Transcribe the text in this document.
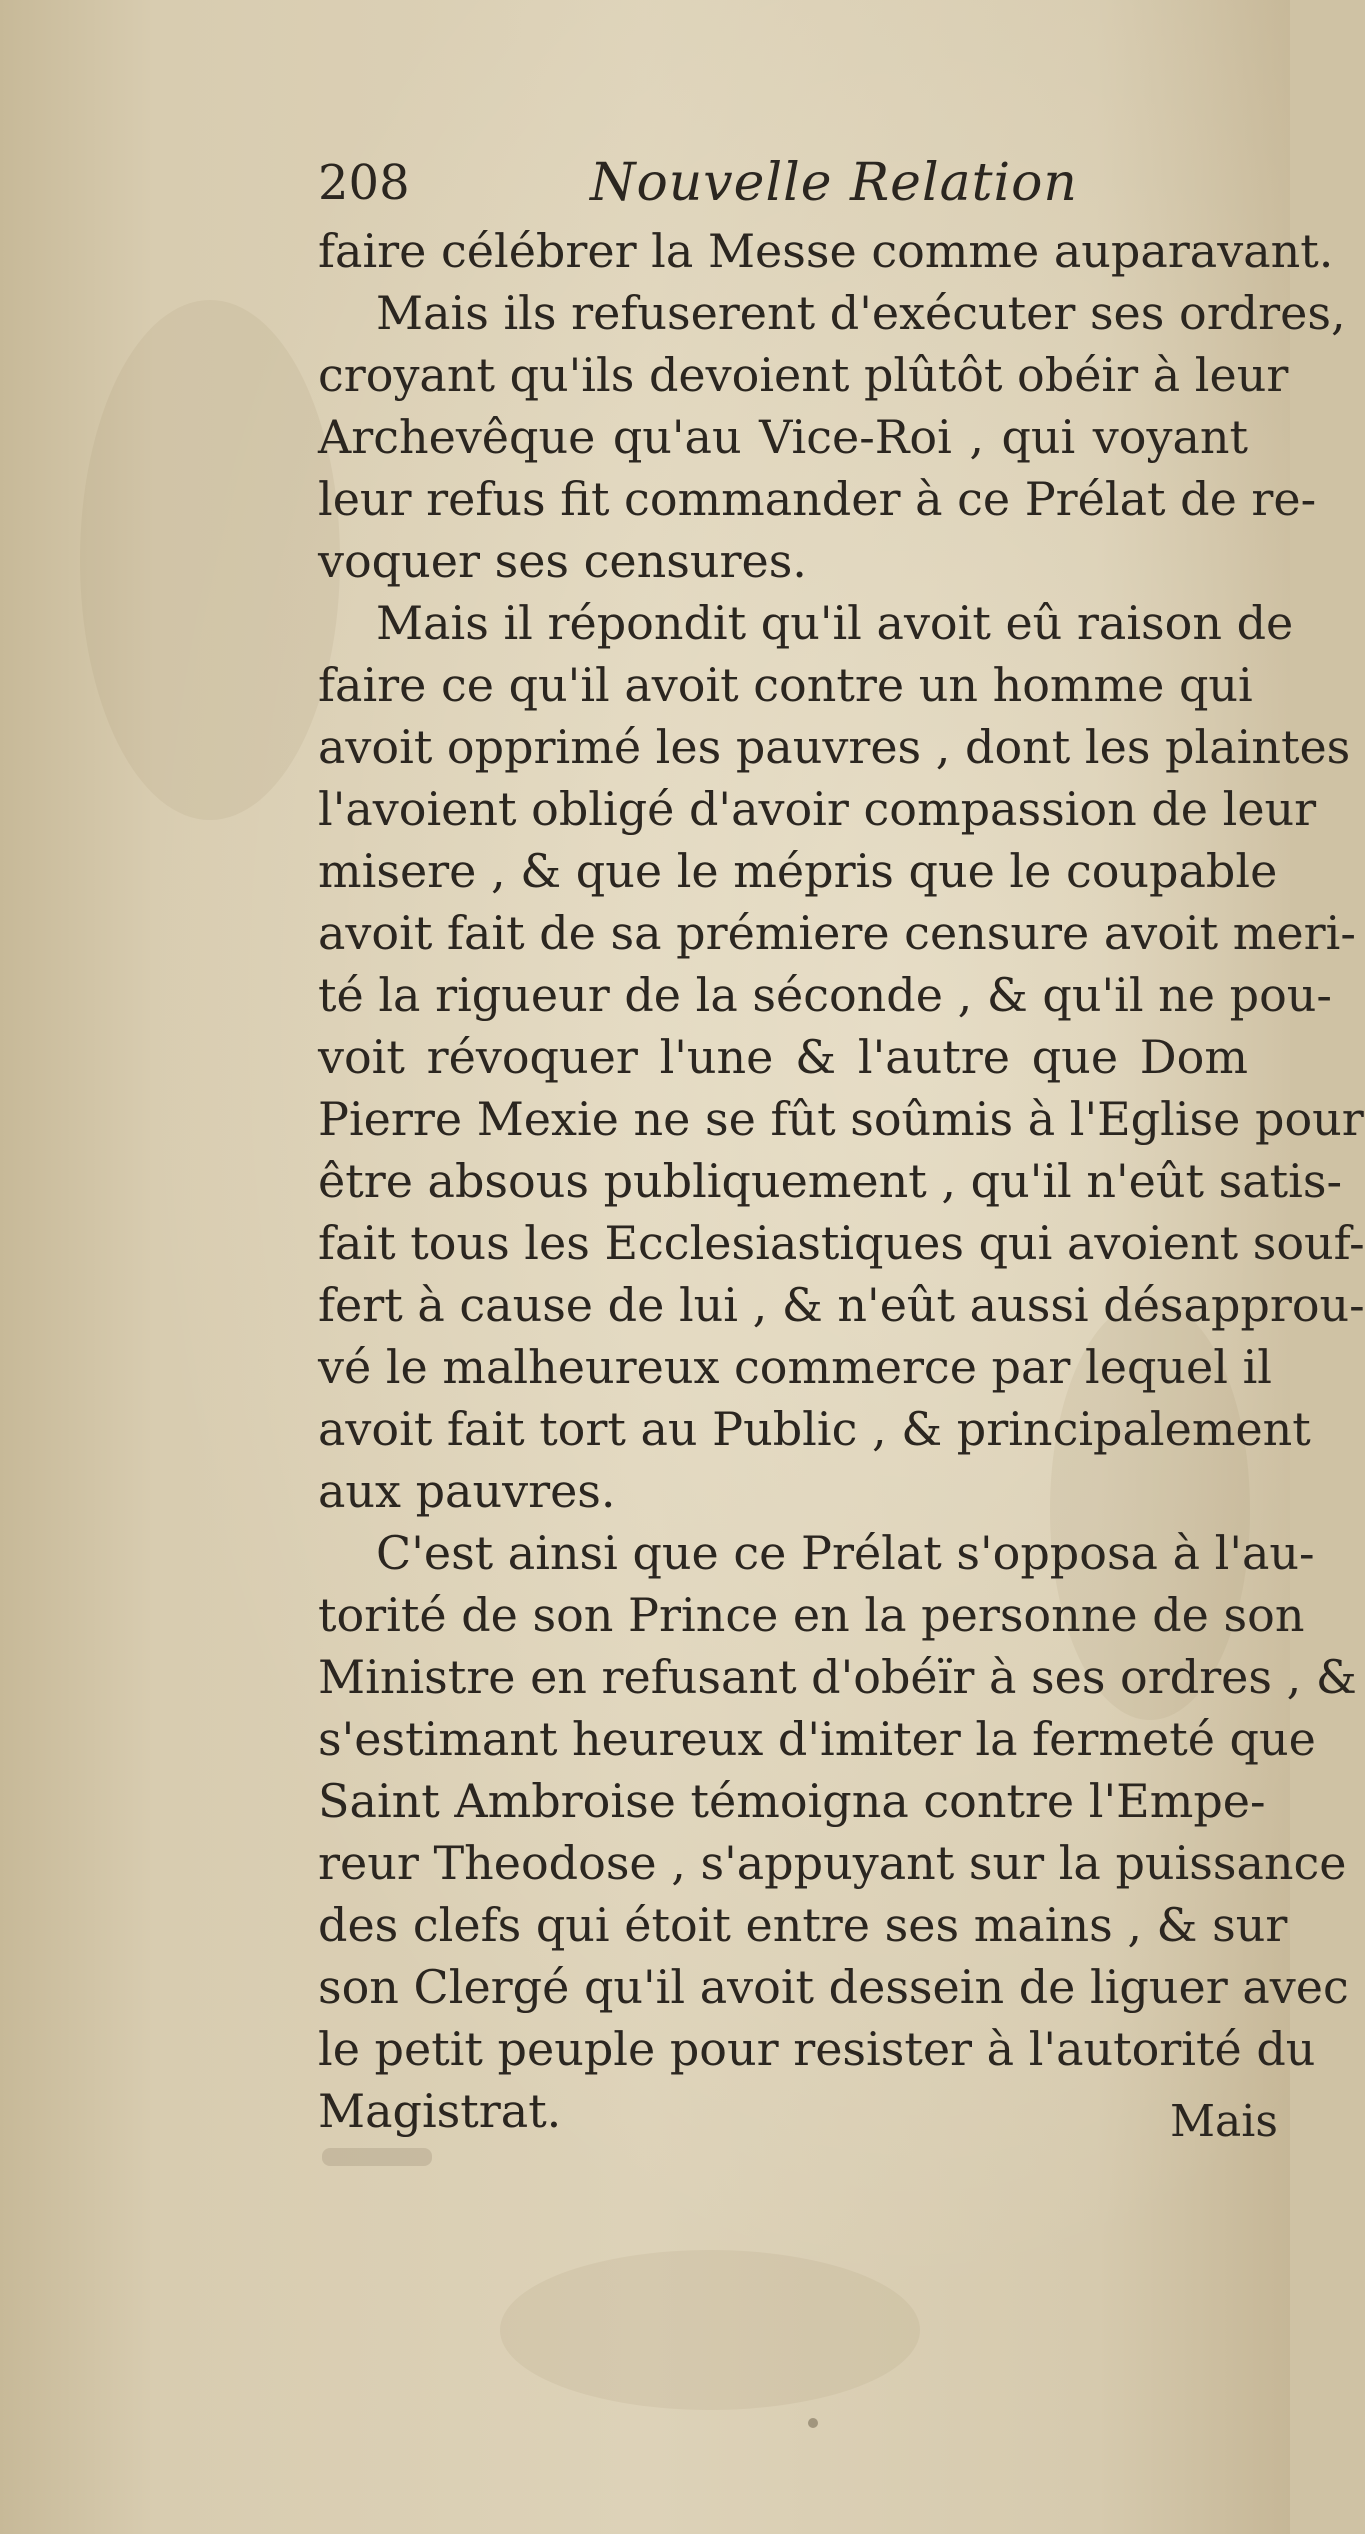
208	Nouvelle Relation
faire célébrer la Messe comme auparavant.
Mais ils refuserent d'exécuter ses ordres,
croyant qu'ils devoient plûtôt obéir à leur
Archevêque qu'au Vice-Roi , qui voyant
leur refus fit commander à ce Prélat de re-
voquer ses censures.
Mais il répondit qu'il avoit eû raison de
faire ce qu'il avoit contre un homme qui
avoit opprimé les pauvres , dont les plaintes
l'avoient obligé d'avoir compassion de leur
misere , & que le mépris que le coupable
avoit fait de sa prémiere censure avoit meri-
té la rigueur de la séconde , & qu'il ne pou-
voit révoquer l'une & l'autre que Dom
Pierre Mexie ne se fût soûmis à l'Eglise pour
être absous publiquement , qu'il n'eût satis-
fait tous les Ecclesiastiques qui avoient souf-
fert à cause de lui , & n'eût aussi désapprou-
vé le malheureux commerce par lequel il
avoit fait tort au Public , & principalement
aux pauvres.
C'est ainsi que ce Prélat s'opposa à l'au-
torité de son Prince en la personne de son
Ministre en refusant d'obéïr à ses ordres , &
s'estimant heureux d'imiter la fermeté que
Saint Ambroise témoigna contre l'Empe-
reur Theodose , s'appuyant sur la puissance
des clefs qui étoit entre ses mains , & sur
son Clergé qu'il avoit dessein de liguer avec
le petit peuple pour resister à l'autorité du
Magistrat.	Mais
